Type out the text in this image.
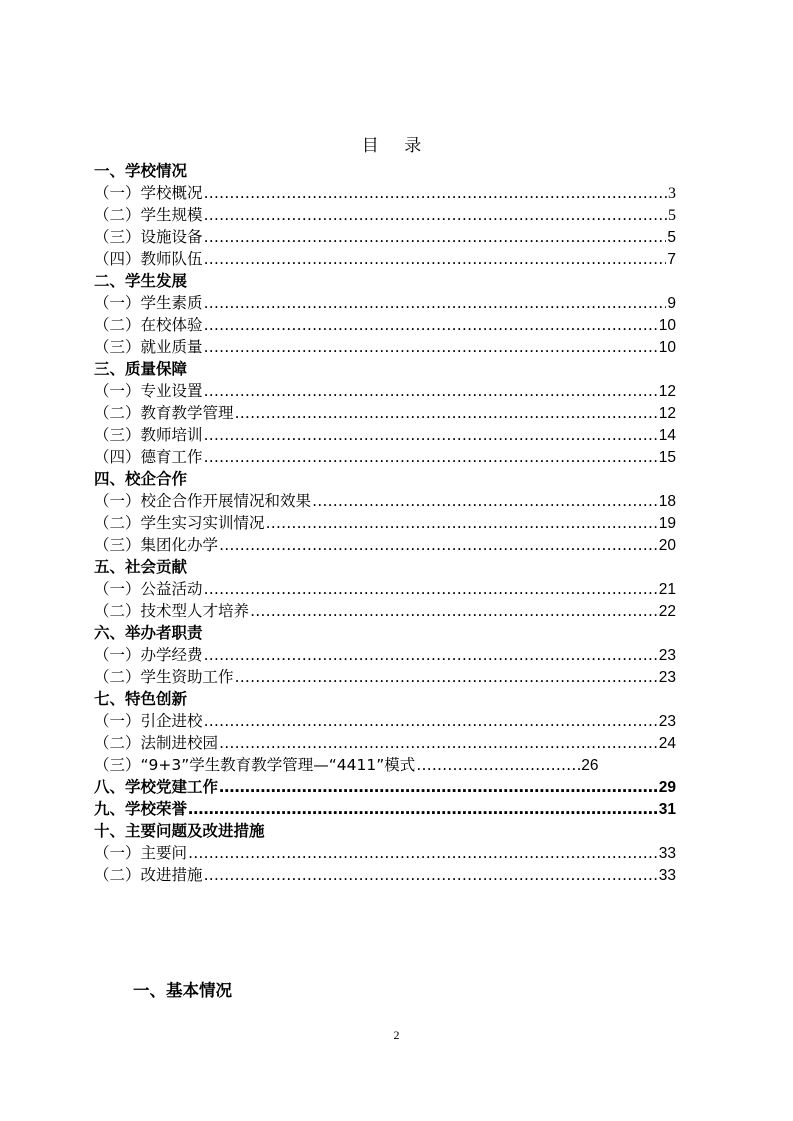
目 录
一、学校情况
（一）学校概况 ………………………………………………………………………………………………………………………………………………………………………	3
（二）学生规模 ………………………………………………………………………………………………………………………………………………………………………	5
（三）设施设备 ………………………………………………………………………………………………………………………………………………………………………	5
（四）教师队伍 ………………………………………………………………………………………………………………………………………………………………………	7
二、学生发展
（一）学生素质 ………………………………………………………………………………………………………………………………………………………………………	9
（二）在校体验 ………………………………………………………………………………………………………………………………………………………………………	10
（三）就业质量 ………………………………………………………………………………………………………………………………………………………………………	10
三、质量保障
（一）专业设置 ………………………………………………………………………………………………………………………………………………………………………	12
（二）教育教学管理 ………………………………………………………………………………………………………………………………………………………………………	12
（三）教师培训 ………………………………………………………………………………………………………………………………………………………………………	14
（四）德育工作 ………………………………………………………………………………………………………………………………………………………………………	15
四、校企合作
（一）校企合作开展情况和效果 ………………………………………………………………………………………………………………………………………………………………………	18
（二）学生实习实训情况 ………………………………………………………………………………………………………………………………………………………………………	19
（三）集团化办学 ………………………………………………………………………………………………………………………………………………………………………	20
五、社会贡献
（一）公益活动 ………………………………………………………………………………………………………………………………………………………………………	21
（二）技术型人才培养 ………………………………………………………………………………………………………………………………………………………………………	22
六、举办者职责
（一）办学经费 ………………………………………………………………………………………………………………………………………………………………………	23
（二）学生资助工作 ………………………………………………………………………………………………………………………………………………………………………	23
七、特色创新
（一）引企进校 ………………………………………………………………………………………………………………………………………………………………………	23
（二）法制进校园 ………………………………………………………………………………………………………………………………………………………………………	24
（三）“9+3”学生教育教学管理—“4411”模式 ………………………………………………………………………………………………………………………………………………………………………	26
八、学校党建工作 ………………………………………………………………………………………………………………………………………………………………………	29
九、学校荣誉 ………………………………………………………………………………………………………………………………………………………………………	31
十、主要问题及改进措施
（一）主要问 ………………………………………………………………………………………………………………………………………………………………………	33
（二）改进措施 ………………………………………………………………………………………………………………………………………………………………………	33
一、基本情况
2
